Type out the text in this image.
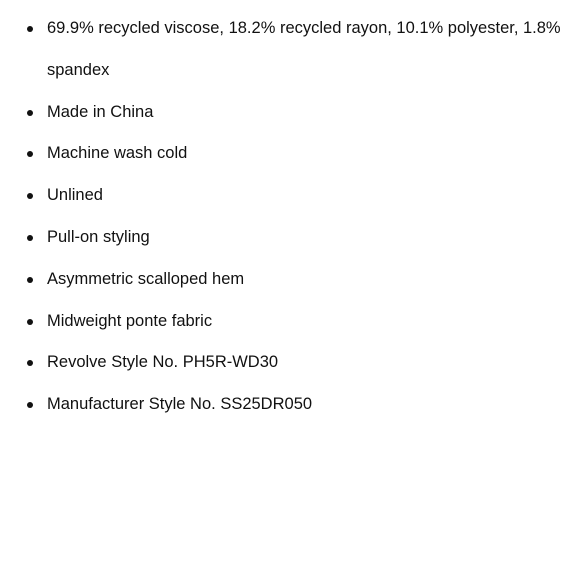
69.9% recycled viscose, 18.2% recycled rayon, 10.1% polyester, 1.8% spandex
Made in China
Machine wash cold
Unlined
Pull-on styling
Asymmetric scalloped hem
Midweight ponte fabric
Revolve Style No. PH5R-WD30
Manufacturer Style No. SS25DR050
